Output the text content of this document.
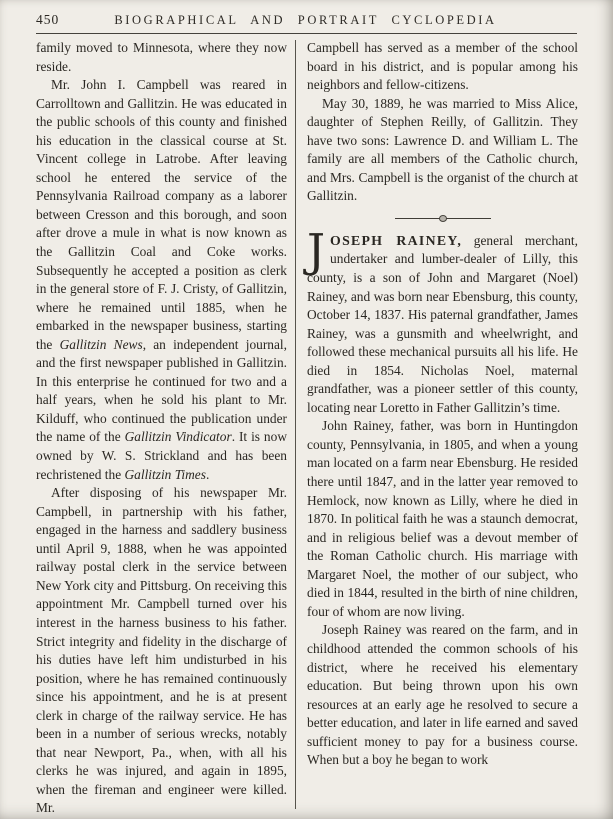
450	BIOGRAPHICAL AND PORTRAIT CYCLOPEDIA

family moved to Minnesota, where they now reside.

Mr. John I. Campbell was reared in Carrolltown and Gallitzin. He was educated in the public schools of this county and finished his education in the classical course at St. Vincent college in Latrobe. After leaving school he entered the service of the Pennsylvania Railroad company as a laborer between Cresson and this borough, and soon after drove a mule in what is now known as the Gallitzin Coal and Coke works. Subsequently he accepted a position as clerk in the general store of F. J. Cristy, of Gallitzin, where he remained until 1885, when he embarked in the newspaper business, starting the Gallitzin News, an independent journal, and the first newspaper published in Gallitzin. In this enterprise he continued for two and a half years, when he sold his plant to Mr. Kilduff, who continued the publication under the name of the Gallitzin Vindicator. It is now owned by W. S. Strickland and has been rechristened the Gallitzin Times.

After disposing of his newspaper Mr. Campbell, in partnership with his father, engaged in the harness and saddlery business until April 9, 1888, when he was appointed railway postal clerk in the service between New York city and Pittsburg. On receiving this appointment Mr. Campbell turned over his interest in the harness business to his father. Strict integrity and fidelity in the discharge of his duties have left him undisturbed in his position, where he has remained continuously since his appointment, and he is at present clerk in charge of the railway service. He has been in a number of serious wrecks, notably that near Newport, Pa., when, with all his clerks he was injured, and again in 1895, when the fireman and engineer were killed. Mr.

Campbell has served as a member of the school board in his district, and is popular among his neighbors and fellow-citizens.

May 30, 1889, he was married to Miss Alice, daughter of Stephen Reilly, of Gallitzin. They have two sons: Lawrence D. and William L. The family are all members of the Catholic church, and Mrs. Campbell is the organist of the church at Gallitzin.

JOSEPH RAINEY, general merchant, undertaker and lumber-dealer of Lilly, this county, is a son of John and Margaret (Noel) Rainey, and was born near Ebensburg, this county, October 14, 1837. His paternal grandfather, James Rainey, was a gunsmith and wheelwright, and followed these mechanical pursuits all his life. He died in 1854. Nicholas Noel, maternal grandfather, was a pioneer settler of this county, locating near Loretto in Father Gallitzin’s time.

John Rainey, father, was born in Huntingdon county, Pennsylvania, in 1805, and when a young man located on a farm near Ebensburg. He resided there until 1847, and in the latter year removed to Hemlock, now known as Lilly, where he died in 1870. In political faith he was a staunch democrat, and in religious belief was a devout member of the Roman Catholic church. His marriage with Margaret Noel, the mother of our subject, who died in 1844, resulted in the birth of nine children, four of whom are now living.

Joseph Rainey was reared on the farm, and in childhood attended the common schools of his district, where he received his elementary education. But being thrown upon his own resources at an early age he resolved to secure a better education, and later in life earned and saved sufficient money to pay for a business course. When but a boy he began to work
